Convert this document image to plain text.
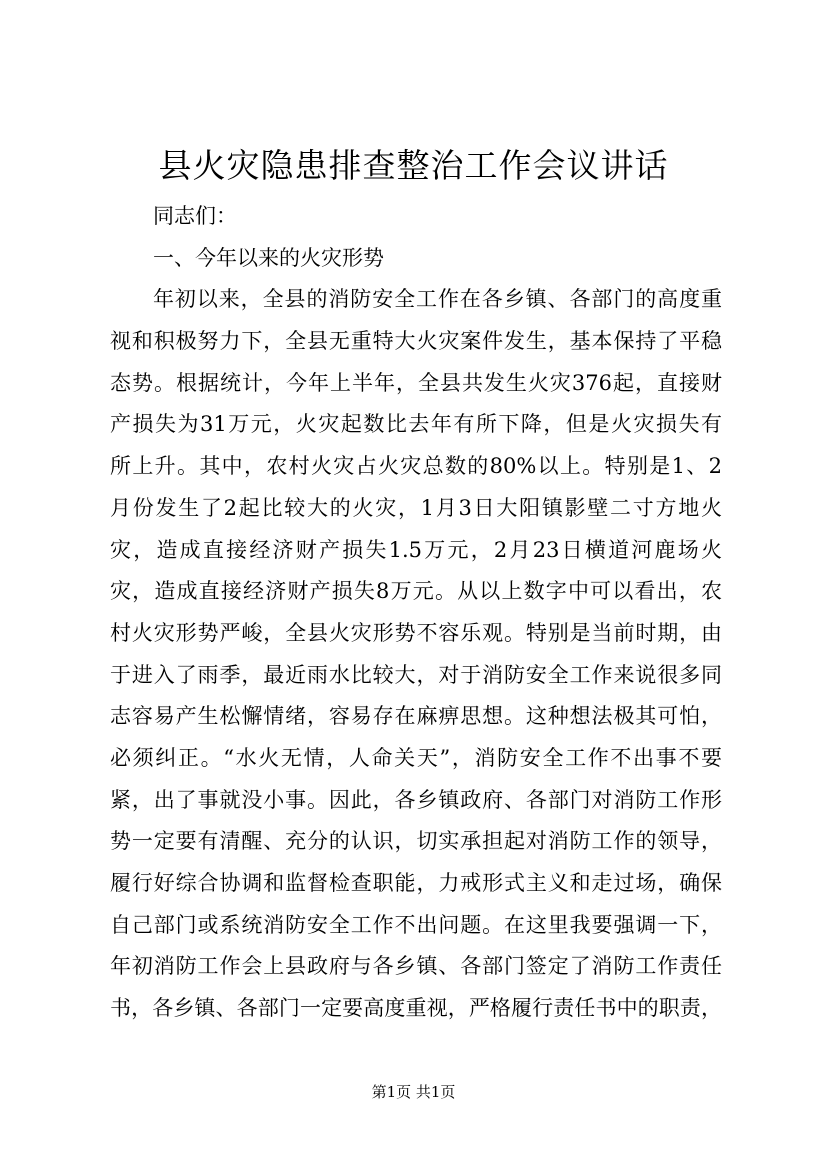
县火灾隐患排查整治工作会议讲话
同志们：
一、今年以来的火灾形势
年初以来，全县的消防安全工作在各乡镇、各部门的高度重
视和积极努力下，全县无重特大火灾案件发生，基本保持了平稳
态势。根据统计，今年上半年，全县共发生火灾376起，直接财
产损失为31万元，火灾起数比去年有所下降，但是火灾损失有
所上升。其中，农村火灾占火灾总数的80%以上。特别是1、2
月份发生了2起比较大的火灾，1月3日大阳镇影壁二寸方地火
灾，造成直接经济财产损失1.5万元，2月23日横道河鹿场火
灾，造成直接经济财产损失8万元。从以上数字中可以看出，农
村火灾形势严峻，全县火灾形势不容乐观。特别是当前时期，由
于进入了雨季，最近雨水比较大，对于消防安全工作来说很多同
志容易产生松懈情绪，容易存在麻痹思想。这种想法极其可怕，
必须纠正。“水火无情，人命关天”，消防安全工作不出事不要
紧，出了事就没小事。因此，各乡镇政府、各部门对消防工作形
势一定要有清醒、充分的认识，切实承担起对消防工作的领导，
履行好综合协调和监督检查职能，力戒形式主义和走过场，确保
自己部门或系统消防安全工作不出问题。在这里我要强调一下，
年初消防工作会上县政府与各乡镇、各部门签定了消防工作责任
书，各乡镇、各部门一定要高度重视，严格履行责任书中的职责，
第1页 共1页
